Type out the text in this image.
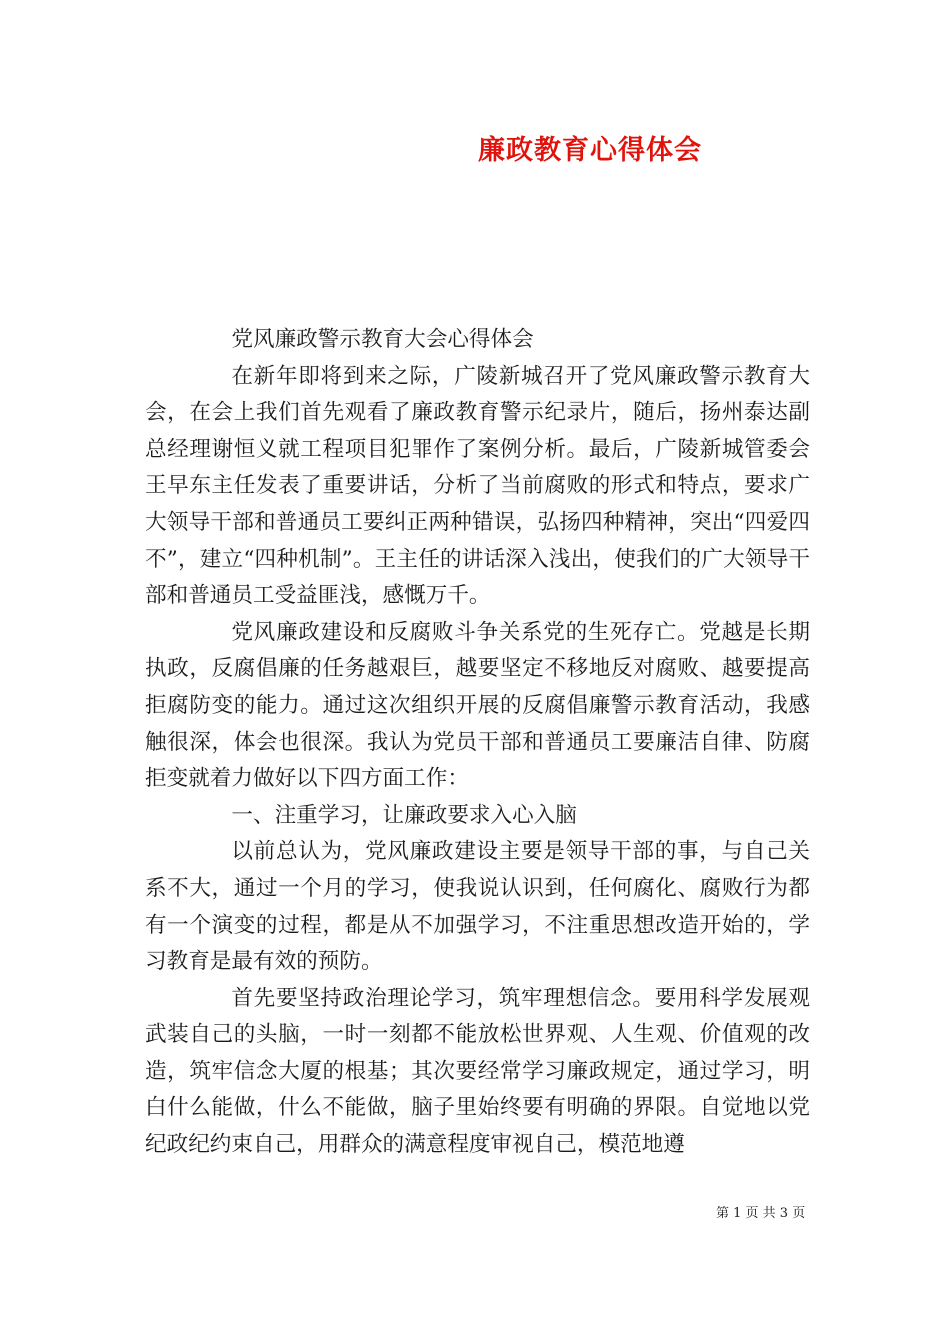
廉政教育心得体会

党风廉政警示教育大会心得体会

在新年即将到来之际，广陵新城召开了党风廉政警示教育大会，在会上我们首先观看了廉政教育警示纪录片，随后，扬州泰达副总经理谢恒义就工程项目犯罪作了案例分析。最后，广陵新城管委会王早东主任发表了重要讲话，分析了当前腐败的形式和特点，要求广大领导干部和普通员工要纠正两种错误，弘扬四种精神，突出“四爱四不”，建立“四种机制”。王主任的讲话深入浅出，使我们的广大领导干部和普通员工受益匪浅，感慨万千。

党风廉政建设和反腐败斗争关系党的生死存亡。党越是长期执政，反腐倡廉的任务越艰巨，越要坚定不移地反对腐败、越要提高拒腐防变的能力。通过这次组织开展的反腐倡廉警示教育活动，我感触很深，体会也很深。我认为党员干部和普通员工要廉洁自律、防腐拒变就着力做好以下四方面工作：

一、注重学习，让廉政要求入心入脑

以前总认为，党风廉政建设主要是领导干部的事，与自己关系不大，通过一个月的学习，使我说认识到，任何腐化、腐败行为都有一个演变的过程，都是从不加强学习，不注重思想改造开始的，学习教育是最有效的预防。

首先要坚持政治理论学习，筑牢理想信念。要用科学发展观武装自己的头脑，一时一刻都不能放松世界观、人生观、价值观的改造，筑牢信念大厦的根基；其次要经常学习廉政规定，通过学习，明白什么能做，什么不能做，脑子里始终要有明确的界限。自觉地以党纪政纪约束自己，用群众的满意程度审视自己，模范地遵

第 1 页 共 3 页
